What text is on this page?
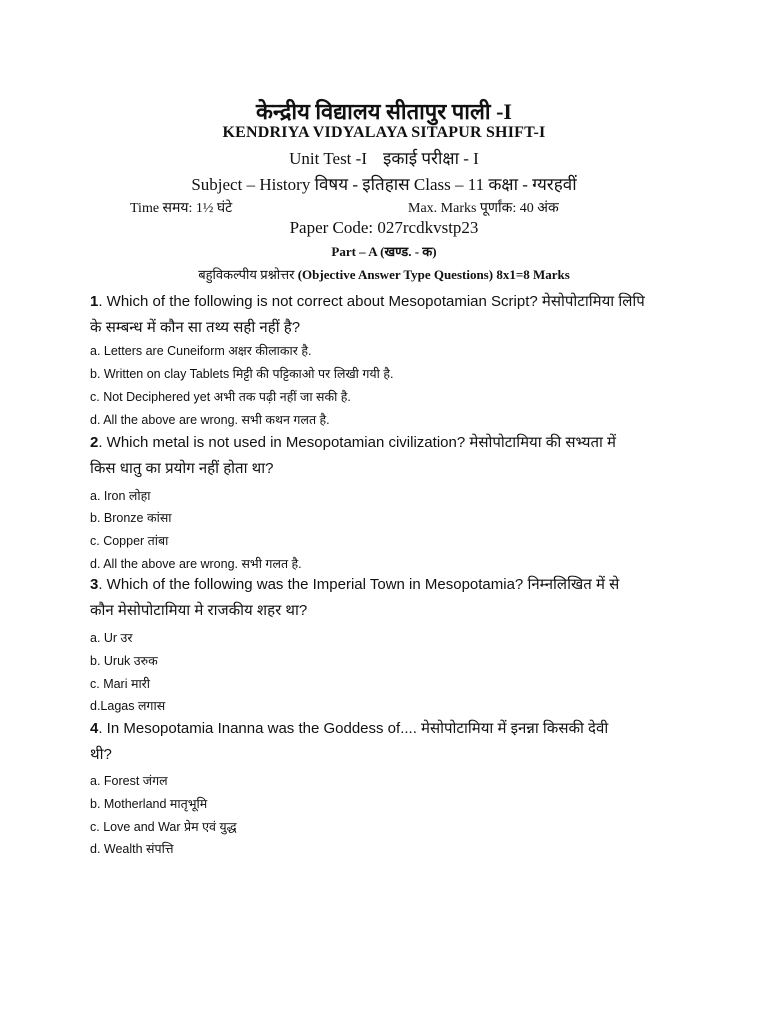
केन्द्रीय विद्यालय सीतापुर पाली -I
KENDRIYA VIDYALAYA SITAPUR SHIFT-I
Unit Test -I इकाई परीक्षा - I
Subject – History विषय - इतिहास Class – 11 कक्षा - ग्यरहवीं
Time समय: 1½ घंटे	Max. Marks पूर्णांक: 40 अंक
Paper Code: 027rcdkvstp23
Part – A (खण्ड. - क)
बहुविकल्पीय प्रश्नोत्तर (Objective Answer Type Questions) 8x1=8 Marks
1. Which of the following is not correct about Mesopotamian Script? मेसोपोटामिया लिपि
के सम्बन्ध में कौन सा तथ्य सही नहीं है?
a. Letters are Cuneiform अक्षर कीलाकार है.
b. Written on clay Tablets मिट्टी की पट्टिकाओ पर लिखी गयी है.
c. Not Deciphered yet अभी तक पढ़ी नहीं जा सकी है.
d. All the above are wrong. सभी कथन गलत है.
2. Which metal is not used in Mesopotamian civilization? मेसोपोटामिया की सभ्यता में
किस धातु का प्रयोग नहीं होता था?
a. Iron लोहा
b. Bronze कांसा
c. Copper तांबा
d. All the above are wrong. सभी गलत है.
3. Which of the following was the Imperial Town in Mesopotamia? निम्नलिखित में से
कौन मेसोपोटामिया मे राजकीय शहर था?
a. Ur उर
b. Uruk उरुक
c. Mari मारी
d.Lagas लगास
4. In Mesopotamia Inanna was the Goddess of.... मेसोपोटामिया में इनन्ना किसकी देवी
थी?
a. Forest जंगल
b. Motherland मातृभूमि
c. Love and War प्रेम एवं युद्ध
d. Wealth संपत्ति
